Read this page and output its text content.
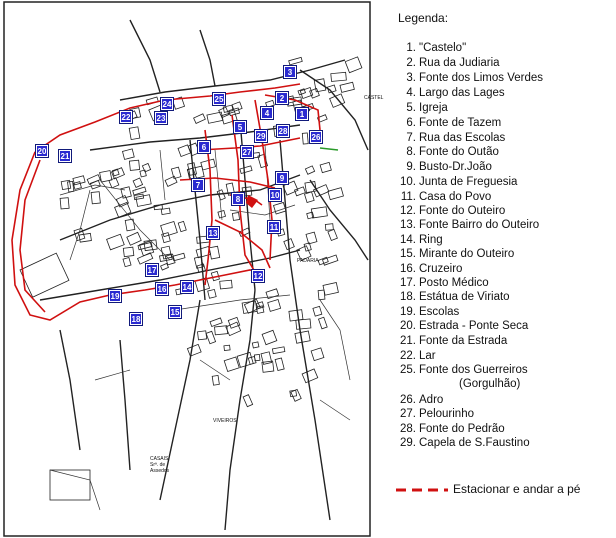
1
2
3
4
5
6
7
8
9
10
11
12
13
14
15
16
17
18
19
20
21
22	23
24
25
26
27
28
29
CASTEL
PADARIA
VIVEIROS
CASAIS
Srª. de
Assedos
Legenda:
1. "Castelo"
2. Rua da Judiaria
3. Fonte dos Limos Verdes
4. Largo das Lages
5. Igreja
6. Fonte de Tazem
7. Rua das Escolas
8. Fonte do Outão
9. Busto-Dr.João
10. Junta de Freguesia
11. Casa do Povo
12. Fonte do Outeiro
13. Fonte Bairro do Outeiro
14. Ring
15. Mirante do Outeiro
16. Cruzeiro
17. Posto Médico
18. Estátua de Viriato
19. Escolas
20. Estrada - Ponte Seca
21. Fonte da Estrada
22. Lar
25. Fonte dos Guerreiros
(Gorgulhão)
26. Adro
27. Pelourinho
28. Fonte do Pedrão
29. Capela de S.Faustino
Estacionar e andar a pé
